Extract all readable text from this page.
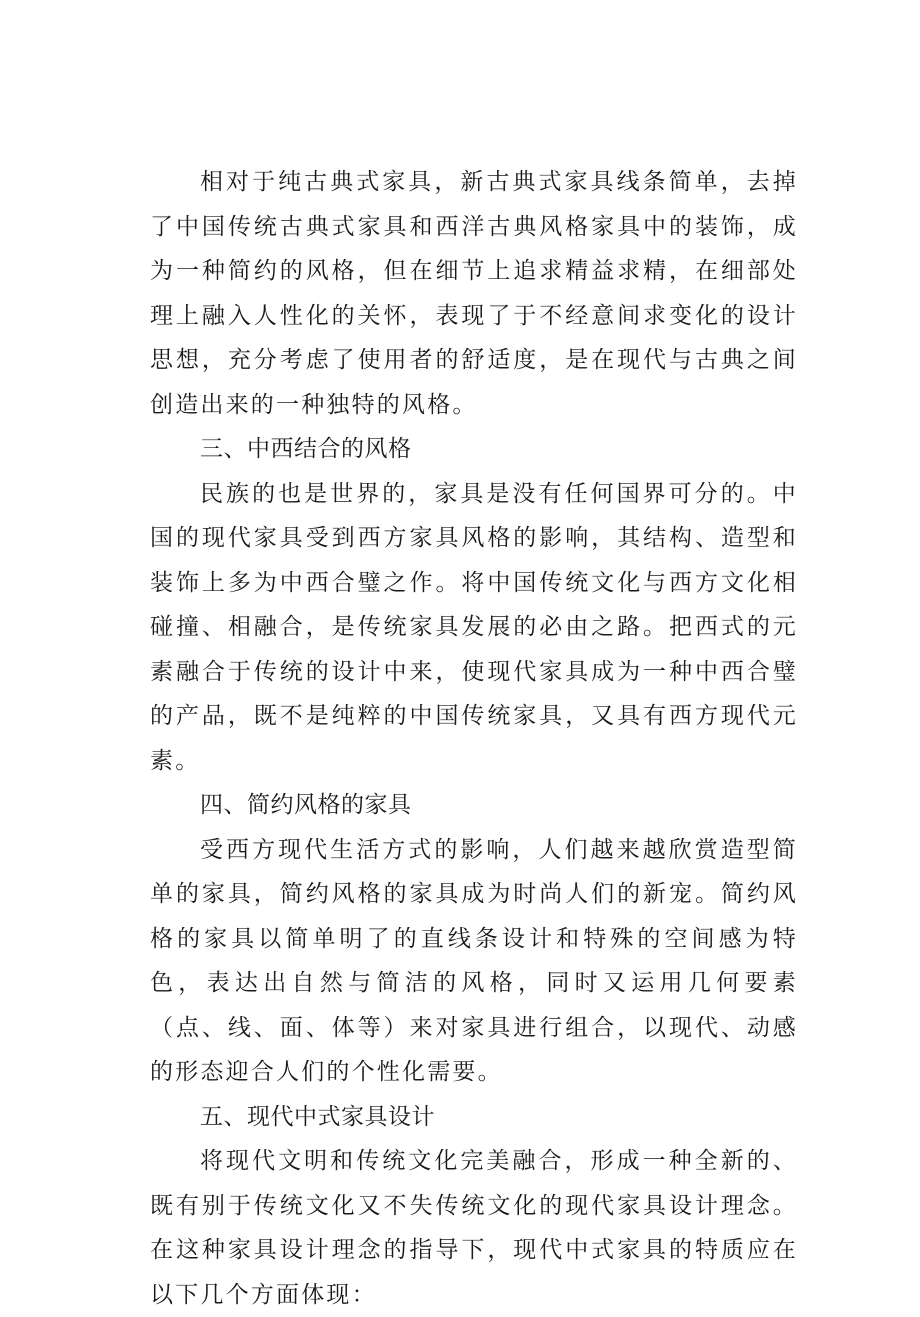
相对于纯古典式家具，新古典式家具线条简单，去掉了中国传统古典式家具和西洋古典风格家具中的装饰，成为一种简约的风格，但在细节上追求精益求精，在细部处理上融入人性化的关怀，表现了于不经意间求变化的设计思想，充分考虑了使用者的舒适度，是在现代与古典之间创造出来的一种独特的风格。

三、中西结合的风格

民族的也是世界的，家具是没有任何国界可分的。中国的现代家具受到西方家具风格的影响，其结构、造型和装饰上多为中西合璧之作。将中国传统文化与西方文化相碰撞、相融合，是传统家具发展的必由之路。把西式的元素融合于传统的设计中来，使现代家具成为一种中西合璧的产品，既不是纯粹的中国传统家具，又具有西方现代元素。

四、简约风格的家具

受西方现代生活方式的影响，人们越来越欣赏造型简单的家具，简约风格的家具成为时尚人们的新宠。简约风格的家具以简单明了的直线条设计和特殊的空间感为特色，表达出自然与简洁的风格，同时又运用几何要素（点、线、面、体等）来对家具进行组合，以现代、动感的形态迎合人们的个性化需要。

五、现代中式家具设计

将现代文明和传统文化完美融合，形成一种全新的、既有别于传统文化又不失传统文化的现代家具设计理念。在这种家具设计理念的指导下，现代中式家具的特质应在以下几个方面体现：
